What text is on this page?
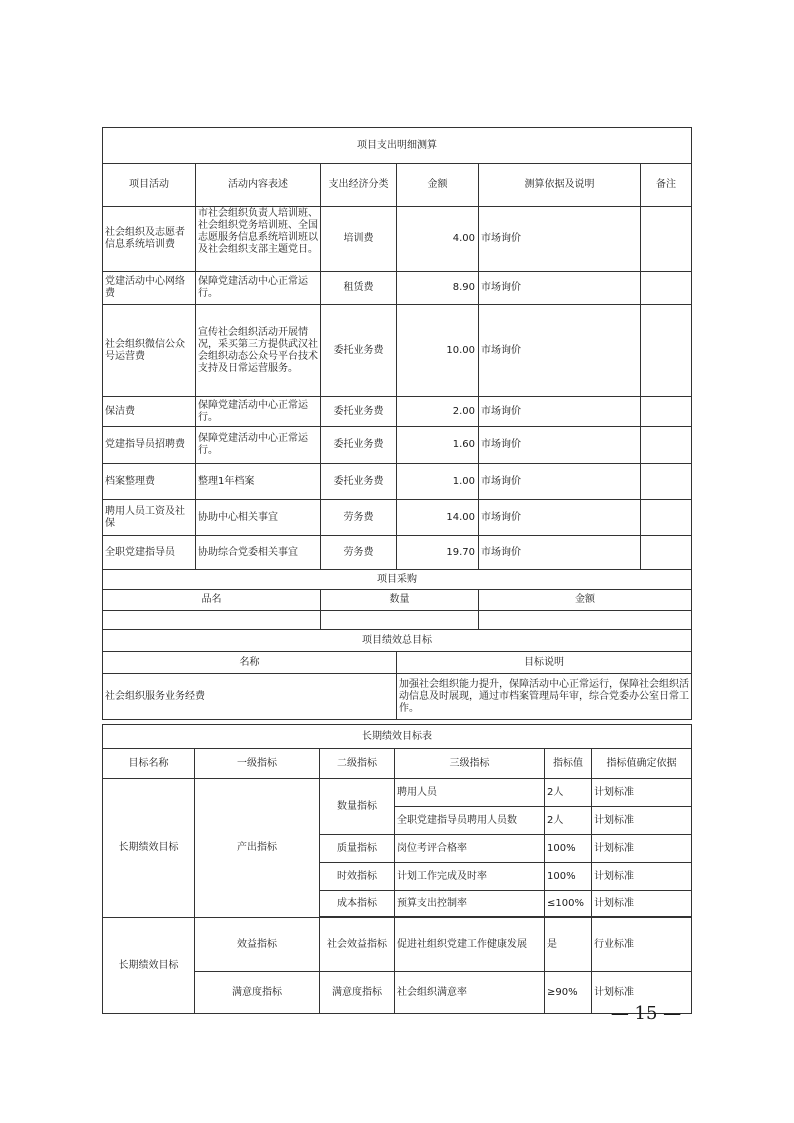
项目支出明细测算					
项目活动	活动内容表述	支出经济分类	金额	测算依据及说明	备注
社会组织及志愿者信息系统培训费	市社会组织负责人培训班、社会组织党务培训班、全国志愿服务信息系统培训班以及社会组织支部主题党日。	培训费	4.00	市场询价	
党建活动中心网络费	保障党建活动中心正常运行。	租赁费	8.90	市场询价	
社会组织微信公众号运营费	宣传社会组织活动开展情况，采买第三方提供武汉社会组织动态公众号平台技术支持及日常运营服务。	委托业务费	10.00	市场询价	
保洁费	保障党建活动中心正常运行。	委托业务费	2.00	市场询价	
党建指导员招聘费	保障党建活动中心正常运行。	委托业务费	1.60	市场询价	
档案整理费	整理1年档案	委托业务费	1.00	市场询价	
聘用人员工资及社保	协助中心相关事宜	劳务费	14.00	市场询价	
全职党建指导员	协助综合党委相关事宜	劳务费	19.70	市场询价	
项目采购					
品名		数量		金额	

项目绩效总目标					
名称			目标说明		
社会组织服务业务经费			加强社会组织能力提升，保障活动中心正常运行，保障社会组织活动信息及时展现，通过市档案管理局年审，综合党委办公室日常工作。		
长期绩效目标表					
目标名称	一级指标	二级指标	三级指标	指标值	指标值确定依据
长期绩效目标	产出指标	数量指标	聘用人员	2人	计划标准
			全职党建指导员聘用人员数	2人	计划标准
		质量指标	岗位考评合格率	100%	计划标准
		时效指标	计划工作完成及时率	100%	计划标准
		成本指标	预算支出控制率	≤100%	计划标准

长期绩效目标	效益指标	社会效益指标	促进社组织党建工作健康发展	是	行业标准
	满意度指标	满意度指标	社会组织满意率	≥90%	计划标准
— 15 —
